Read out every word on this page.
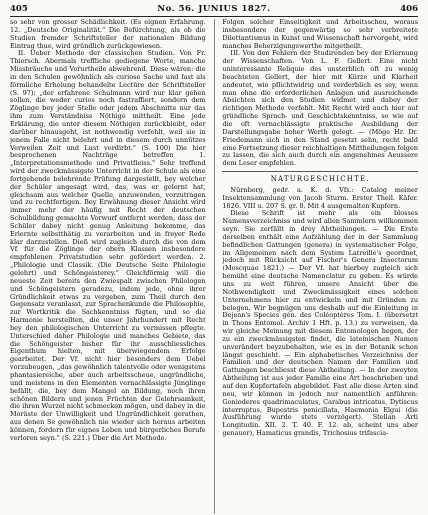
405	No. 56. JUNIUS 1827.	406

so sehr von grosser Schädlichkeit. (Es eignen Erfahrung. 12. „Deutsche Originalität." Die Befürchtung, als ob die Studien fremder Schriftsteller der nationalen Bildung Eintrag thue, wird gründlich zurückgewiesen.

II. Ueber Methode der classischen Studien. Von Fr. Thiersch. Abermals treffliche gediegene Worte, manche Missbräuche und Vorurtheile abwehrend. Diese wären: die in den Schulen gewöhnlich als curiose Sache und fast als förmliche Erholung behandelte Lectüre der Schriftsteller (S. 97): „der erfahrene Schulmann wird nur klar gehen sollen, die weder curios noch fastraffiert, sondern dem Zöglinge bey jeder Stelle oder jedem Abschnitte nur das ihm zum Verständniss Nöthige mittheilt. Eine jede Erklärung, die unter diesem Nöthigen zurückbleibt, oder darüber hinausgeht, ist nothwendig verfehlt, weil sie in jenem Falle nicht belehrt und in diesem durch unnützes Verweilen Zeit und Lust verdirbt." (S. 100) Die hier besprochenen Nachträge betreffen 1. „Interpretationsmethode und Privatfleiss." Sehr treffend wird der zweckmässigste Unterricht in der Schule als eine fortgehende belehrende Prüfung dargestellt, bey welcher der Schüler angesagt wird, das, was er gelernt hat, gleichsam aus welcher Quelle, anzuwenden, vorzutragen und zu rechtfertigen. Bey Erwähnung dieser Ansicht wird immer mehr der häufig mit Recht der deutschen Schulbildung gemachte Vorwurf entfernt werden, dass der Schüler dabey nicht genug Anleitung bekomme, das Erlernte selbstthätig zu verarbeiten und in freyer Rede klar darzustellen. Dieß wird zugleich durch die von dem Vf. für die Zöglinge der obern Klassen insbesondere empfohlenen Privatstudien sehr gefördert werden. 2. „Philologie und Classik. (Die Deutsche Seite Philologie gelehrt) und Schöngeisterey." Gleichförmig will die neueste Zeit bereits den Zwiespalt zwischen Philologen und Schöngeistern geradezu, indem jede, ohne ihrer Gründlichkeit etwas zu vergeben, zum Theil durch den Gegensatz veranlasst, zur Sprachenkunde die Philosophie, zur Wortkritik die Sachkenntniss fügten, und so die Harmonie herstellten, die unser Jahrhundert mit Recht bey den philologischen Unterricht zu vermissen pflegte. Unterschied daher Philologie und manches Gebiete, das die Schöngeister bisher für ihr ausschliessliches Eigenthum hielten, mit überwiegendem Erfolge gearbeitet. Der Vf. nicht hier besonders dem Uebel vorzubeugen, „das gewöhnlich talentvolle oder wenigstens phantasiereiche, aber auch arbeitsscheue, ungründliche, und meistens in den Elementen vernachlässigte Jünglinge befällt, die, bey dem Mangel an Bildung, noch ihren schönen Bildern und jenen Früchten der Gelehrsamkeit, die ihren Wurzel nicht schmecken mögen, und dabey in die Moräste der Unwilligkeit und Ungründlichkeit gerathen, aus denen Se gewöhnlich nie wieder sich heraus arbeiten können, fordern für eignes Leben und bürgerliches Berufe verloren seyn." (S. 221.) Über die Art Methode.

Folgen solcher Einseitigkeit und Arbeitsscheu, woraus insbesondere der gegenwärtig so sehr verbreitete Dilettantismus in Kunst und Wissenschaft hervorgeht, wird manches Beherzigungswerthe mitgetheilt.

III. Von den Fehlern der Studirenden bey der Erlernung der Wissenschaften. Von L. F. Gellert. Eine nicht uninteressante Reliquie des unsterblich oft zu wenig beachteten Gellert, der hier mit Kürze und Klarheit andeutet, wie pflichtwidrig und verderblich es sey, wenn man ohne die erforderlichen Anlagen und ausreichende Absichten sich den Studien widmet und dabey der richtigen Methode verfehlt. Mit Recht wird auch hier auf gründliche Sprach- und Geschichtskenntniss, so wie auf die oft vernachlässigte praktische Ausbildung der Darstellungsgabe hoher Werth gelegt. — (Möge Hr. Dr. Friedemann sich in den Stand gesetzt sehn, recht bald eine Fortsetzung dieser reichhaltigen Mittheilungen folgen zu lassen, die sich auch durch ein angenehmes Aeussere dem Leser empfehlen.

NATURGESCHICHTE.

Nürnberg, gedr. a. K. d. Vfs.: Catalog meiner Insektensammlung von Jacob Sturm. Erster Theil. Käfer. 1826. VIII u. 207 S. gr. 8. Mit 4 ausgemalten Kupfern.

Diese Schrift ist mehr als ein blosses Namensverzeichniss und wird allen Sammlern willkommen seyn. Sie zerfällt in drey Abtheilungen. — Die Erste derselben enthält eine Aufzählung der in der Sammlung befindlichen Gattungen (genera) in systematischer Folge, im Allgemeinen nach dem System Latreille's geordnet, jedoch mit Rücksicht auf Fischer's Genera Insectorum (Moscquae 1821.) — Der Vf. hat hierbey zugleich sich bemüht eine deutsche Nomenclatur zu geben. Es würde uns zu weit führen, unsere Ansicht über die Nothwendigkeit und Zweckmässigkeit eines solchen Unternehmens hier zu entwickeln und mit Gründen zu belegen. Wir begnügen uns deshalb auf die Einleitung in Dejean's Species gén. des Coléoptères Tom. I. (übersetzt in Thons Entomol. Archiv 1 Hft. p. 13.) zu verweisen, da wir gleiche Meinung mit diesem Entomologen hegen, der zu ein zweckmässigsten findet, die lateinischen Namen unverändert beyzubehalten, wie es in der Botanik schon längst geschieht. — Ein alphabetisches Verzeichniss der Familien und der deutschen Namen der Familien und Gattungen beschliesst diese Abtheilung. — In der zweyten Abtheilung ist aus jeder Familie eine Art beschrieben und auf den Kupfertafeln abgebildet. Fast alle diese Arten sind neu, wir können in jedoch nur namentlich anführen: Gonioderes quadrimaculatus, Carabus intricatus, Dytiscus interruptus, Bupestris penicillata, Haemonia Elgui (die Ausführung wurde stets verzögert). Stellan Arti Longitudin. XII. 2. T. 40. F. 12. ab, scheint uns aber genauer), Hamaticus grandis, Trichosius trifascia-
